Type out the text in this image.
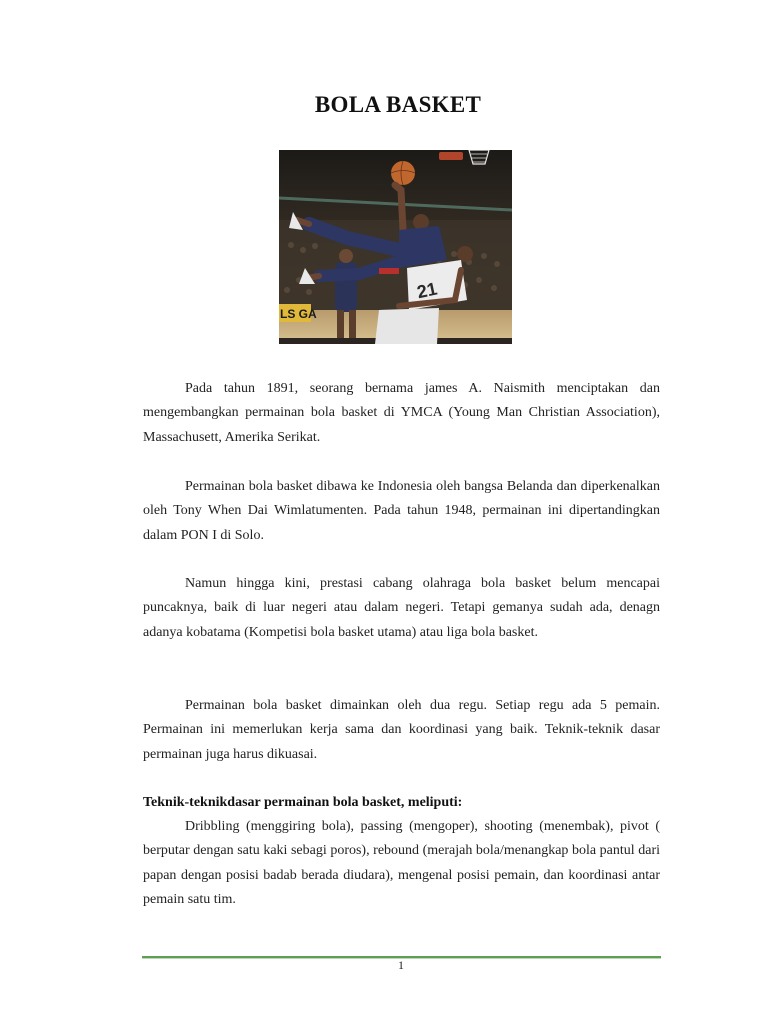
BOLA BASKET
LS GA
21

Pada tahun 1891, seorang bernama james A. Naismith menciptakan dan mengembangkan permainan bola basket di YMCA (Young Man Christian Association), Massachusett, Amerika Serikat.

Permainan bola basket dibawa ke Indonesia oleh bangsa Belanda dan diperkenalkan oleh Tony When Dai Wimlatumenten. Pada tahun 1948, permainan ini dipertandingkan dalam PON I di Solo.

Namun hingga kini, prestasi cabang olahraga bola basket belum mencapai puncaknya, baik di luar negeri atau dalam negeri. Tetapi gemanya sudah ada, denagn adanya kobatama (Kompetisi bola basket utama) atau liga bola basket.

Permainan bola basket dimainkan oleh dua regu. Setiap regu ada 5 pemain. Permainan ini memerlukan kerja sama dan koordinasi yang baik. Teknik-teknik dasar permainan juga harus dikuasai.

Teknik-teknikdasar permainan bola basket, meliputi:

Dribbling (menggiring bola), passing (mengoper), shooting (menembak), pivot ( berputar dengan satu kaki sebagi poros), rebound (merajah bola/menangkap bola pantul dari papan dengan posisi badab berada diudara), mengenal posisi pemain, dan koordinasi antar pemain satu tim.

1
